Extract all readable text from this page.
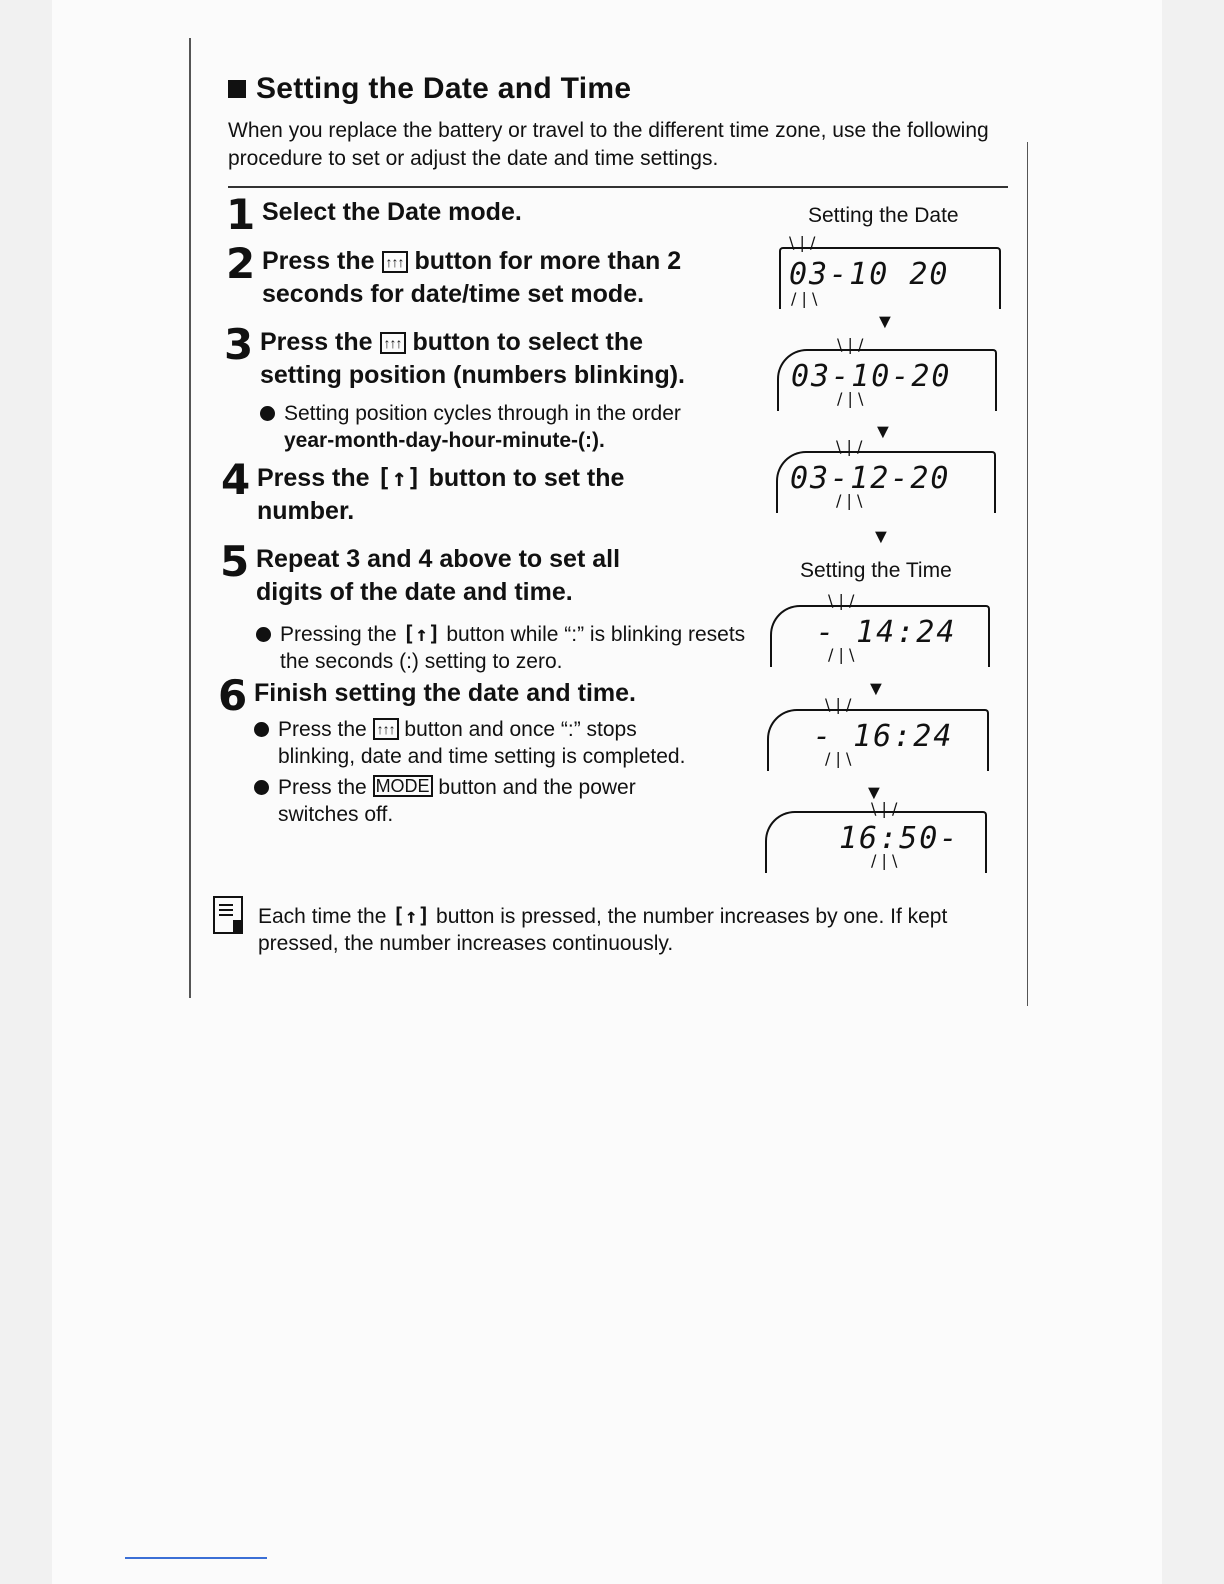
Setting the Date and Time
When you replace the battery or travel to the different time zone, use the following procedure to set or adjust the date and time settings.
1 Select the Date mode.
2 Press the ↑↑↑ button for more than 2 seconds for date/time set mode.
3 Press the ↑↑↑ button to select the setting position (numbers blinking).
Setting position cycles through in the order year-month-day-hour-minute-(:).
4 Press the [↑] button to set the number.
5 Repeat 3 and 4 above to set all digits of the date and time.
Pressing the [↑] button while “:” is blinking resets the seconds (:) setting to zero.
6 Finish setting the date and time.
Press the ↑↑↑ button and once “:” stops blinking, date and time setting is completed.
Press the MODE button and the power switches off.
Setting the Date
\ | /
03-10 20
/ | \
▼
\ | /
03-10-20
/ | \
▼
\ | /
03-12-20
/ | \
▼
Setting the Time
\ | /
- 14:24
/ | \
▼
\ | /
- 16:24
/ | \
▼
\ | /
16:50-
/ | \
Each time the [↑] button is pressed, the number increases by one. If kept pressed, the number increases continuously.
